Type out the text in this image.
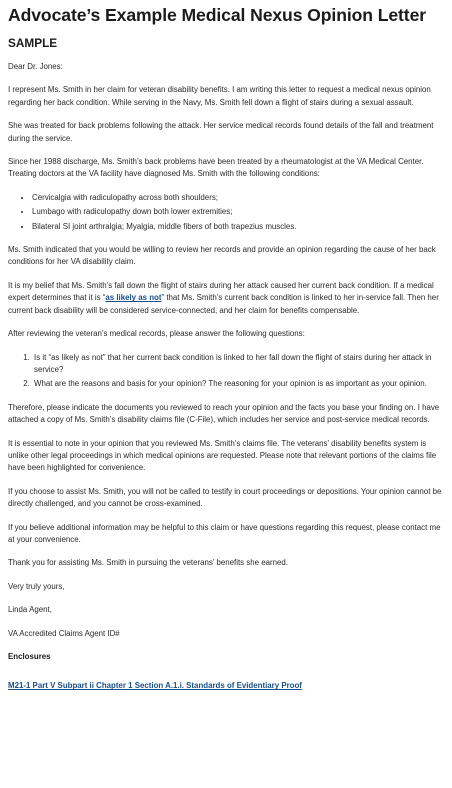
Advocate’s Example Medical Nexus Opinion Letter
SAMPLE

Dear Dr. Jones:

I represent Ms. Smith in her claim for veteran disability benefits. I am writing this letter to request a medical nexus opinion regarding her back condition. While serving in the Navy, Ms. Smith fell down a flight of stairs during a sexual assault.

She was treated for back problems following the attack. Her service medical records found details of the fall and treatment during the service.

Since her 1988 discharge, Ms. Smith’s back problems have been treated by a rheumatologist at the VA Medical Center. Treating doctors at the VA facility have diagnosed Ms. Smith with the following conditions:

• Cervicalgia with radiculopathy across both shoulders;
• Lumbago with radiculopathy down both lower extremities;
• Bilateral SI joint arthralgia; Myalgia, middle fibers of both trapezius muscles.

Ms. Smith indicated that you would be willing to review her records and provide an opinion regarding the cause of her back conditions for her VA disability claim.

It is my belief that Ms. Smith’s fall down the flight of stairs during her attack caused her current back condition. If a medical expert determines that it is “as likely as not” that Ms. Smith’s current back condition is linked to her in-service fall. Then her current back disability will be considered service-connected, and her claim for benefits compensable.

After reviewing the veteran’s medical records, please answer the following questions:

1. Is it “as likely as not” that her current back condition is linked to her fall down the flight of stairs during her attack in service?
2. What are the reasons and basis for your opinion? The reasoning for your opinion is as important as your opinion.

Therefore, please indicate the documents you reviewed to reach your opinion and the facts you base your finding on. I have attached a copy of Ms. Smith’s disability claims file (C-File), which includes her service and post-service medical records.

It is essential to note in your opinion that you reviewed Ms. Smith’s claims file. The veterans’ disability benefits system is unlike other legal proceedings in which medical opinions are requested. Please note that relevant portions of the claims file have been highlighted for convenience.

If you choose to assist Ms. Smith, you will not be called to testify in court proceedings or depositions. Your opinion cannot be directly challenged, and you cannot be cross-examined.

If you believe additional information may be helpful to this claim or have questions regarding this request, please contact me at your convenience.

Thank you for assisting Ms. Smith in pursuing the veterans’ benefits she earned.

Very truly yours,

Linda Agent,

VA Accredited Claims Agent ID#

Enclosures

M21-1 Part V Subpart ii Chapter 1 Section A.1.i. Standards of Evidentiary Proof
